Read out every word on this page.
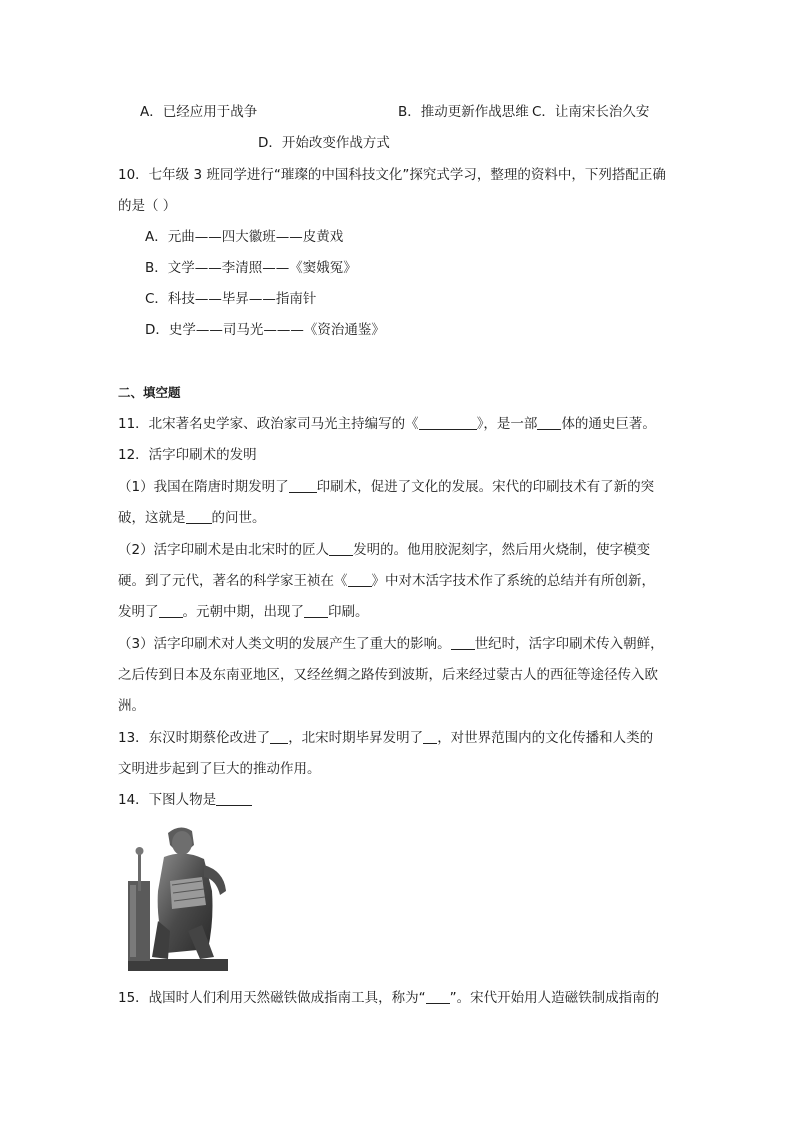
A．已经应用于战争	B．推动更新作战思维 C．让南宋长治久安
D．开始改变作战方式
10．七年级 3 班同学进行“璀璨的中国科技文化”探究式学习，整理的资料中，下列搭配正确
的是（ ）
A．元曲——四大徽班——皮黄戏
B．文学——李清照——《窦娥冤》
C．科技——毕昇——指南针
D．史学——司马光———《资治通鉴》
二、填空题
11．北宋著名史学家、政治家司马光主持编写的《	》，是一部 体的通史巨著。
12．活字印刷术的发明
（1）我国在隋唐时期发明了 印刷术，促进了文化的发展。宋代的印刷技术有了新的突
破，这就是 的问世。
（2）活字印刷术是由北宋时的匠人 发明的。他用胶泥刻字，然后用火烧制，使字模变
硬。到了元代，著名的科学家王祯在《 》中对木活字技术作了系统的总结并有所创新，
发明了 。元朝中期，出现了 印刷。
（3）活字印刷术对人类文明的发展产生了重大的影响。 世纪时，活字印刷术传入朝鲜，
之后传到日本及东南亚地区，又经丝绸之路传到波斯，后来经过蒙古人的西征等途径传入欧
洲。
13．东汉时期蔡伦改进了 ，北宋时期毕昇发明了 ，对世界范围内的文化传播和人类的
文明进步起到了巨大的推动作用。
14．下图人物是
15．战国时人们利用天然磁铁做成指南工具，称为“ ”。宋代开始用人造磁铁制成指南的
